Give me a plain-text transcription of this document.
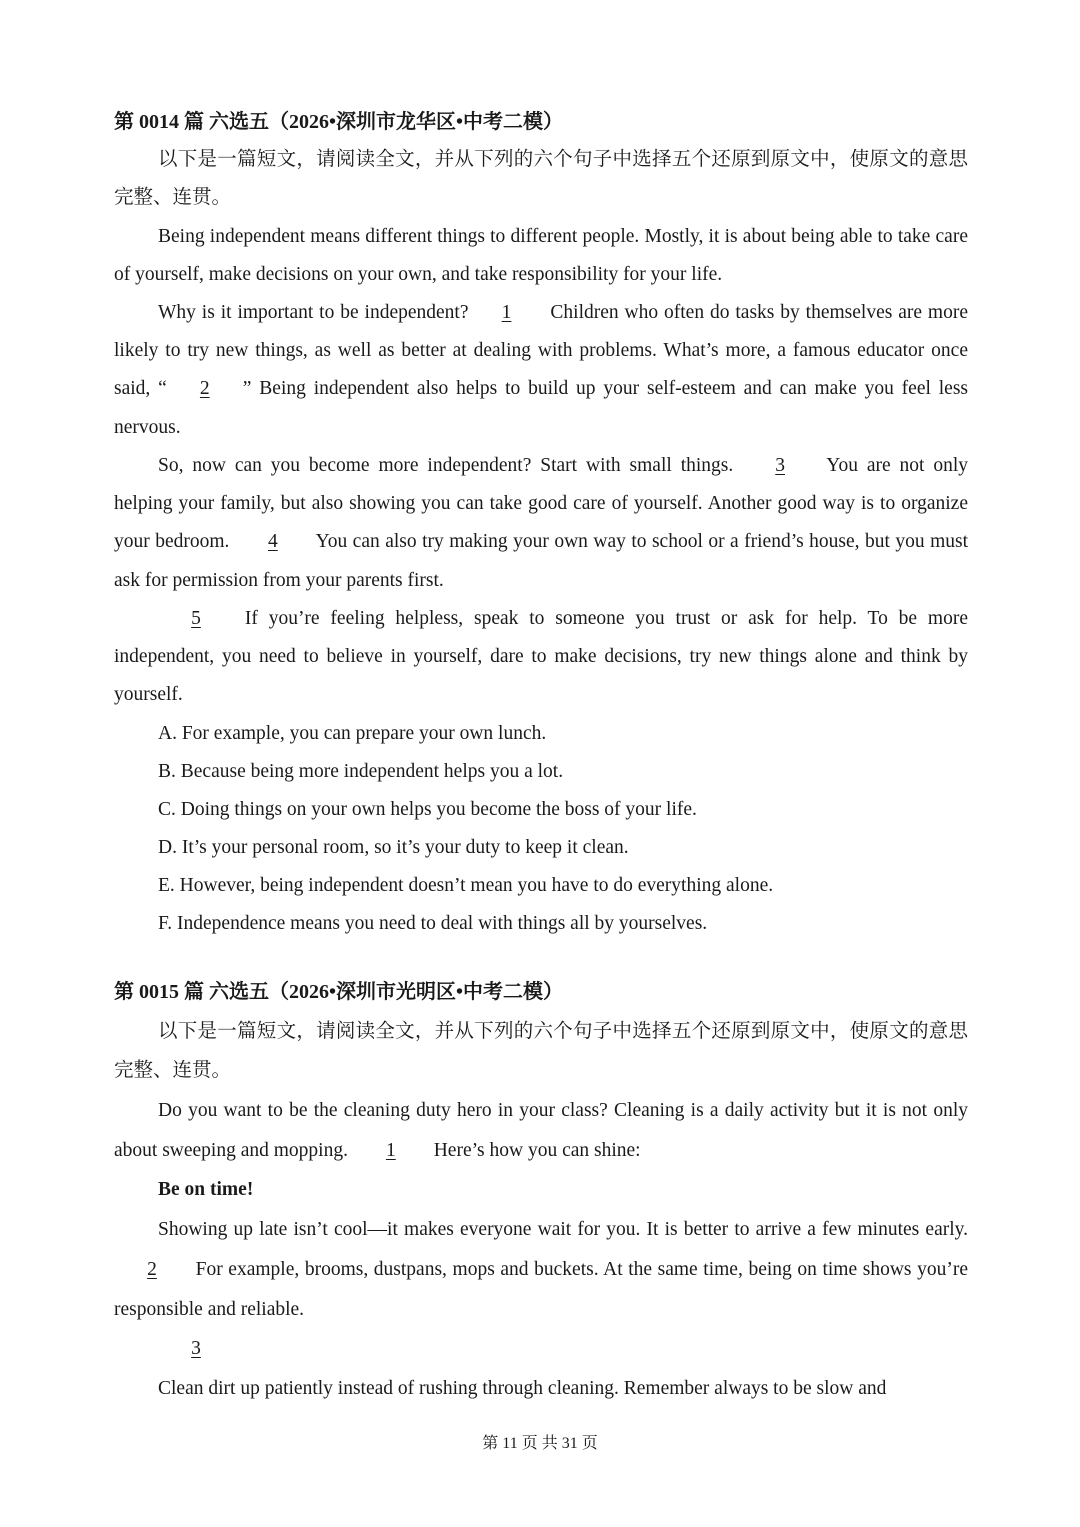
第 0014 篇 六选五（2026•深圳市龙华区•中考二模）

以下是一篇短文，请阅读全文，并从下列的六个句子中选择五个还原到原文中，使原文的意思完整、连贯。

Being independent means different things to different people. Mostly, it is about being able to take care of yourself, make decisions on your own, and take responsibility for your life.

Why is it important to be independent? 1 Children who often do tasks by themselves are more likely to try new things, as well as better at dealing with problems. What’s more, a famous educator once said, “ 2 ” Being independent also helps to build up your self-esteem and can make you feel less nervous.

So, now can you become more independent? Start with small things. 3 You are not only helping your family, but also showing you can take good care of yourself. Another good way is to organize your bedroom. 4 You can also try making your own way to school or a friend’s house, but you must ask for permission from your parents first.

5 If you’re feeling helpless, speak to someone you trust or ask for help. To be more independent, you need to believe in yourself, dare to make decisions, try new things alone and think by yourself.

A. For example, you can prepare your own lunch.
B. Because being more independent helps you a lot.
C. Doing things on your own helps you become the boss of your life.
D. It’s your personal room, so it’s your duty to keep it clean.
E. However, being independent doesn’t mean you have to do everything alone.
F. Independence means you need to deal with things all by yourselves.
第 0015 篇 六选五（2026•深圳市光明区•中考二模）

以下是一篇短文，请阅读全文，并从下列的六个句子中选择五个还原到原文中，使原文的意思完整、连贯。

Do you want to be the cleaning duty hero in your class? Cleaning is a daily activity but it is not only about sweeping and mopping. 1 Here’s how you can shine:

Be on time!

Showing up late isn’t cool—it makes everyone wait for you. It is better to arrive a few minutes early. 2 For example, brooms, dustpans, mops and buckets. At the same time, being on time shows you’re responsible and reliable.

3

Clean dirt up patiently instead of rushing through cleaning. Remember always to be slow and

第 11 页 共 31 页
